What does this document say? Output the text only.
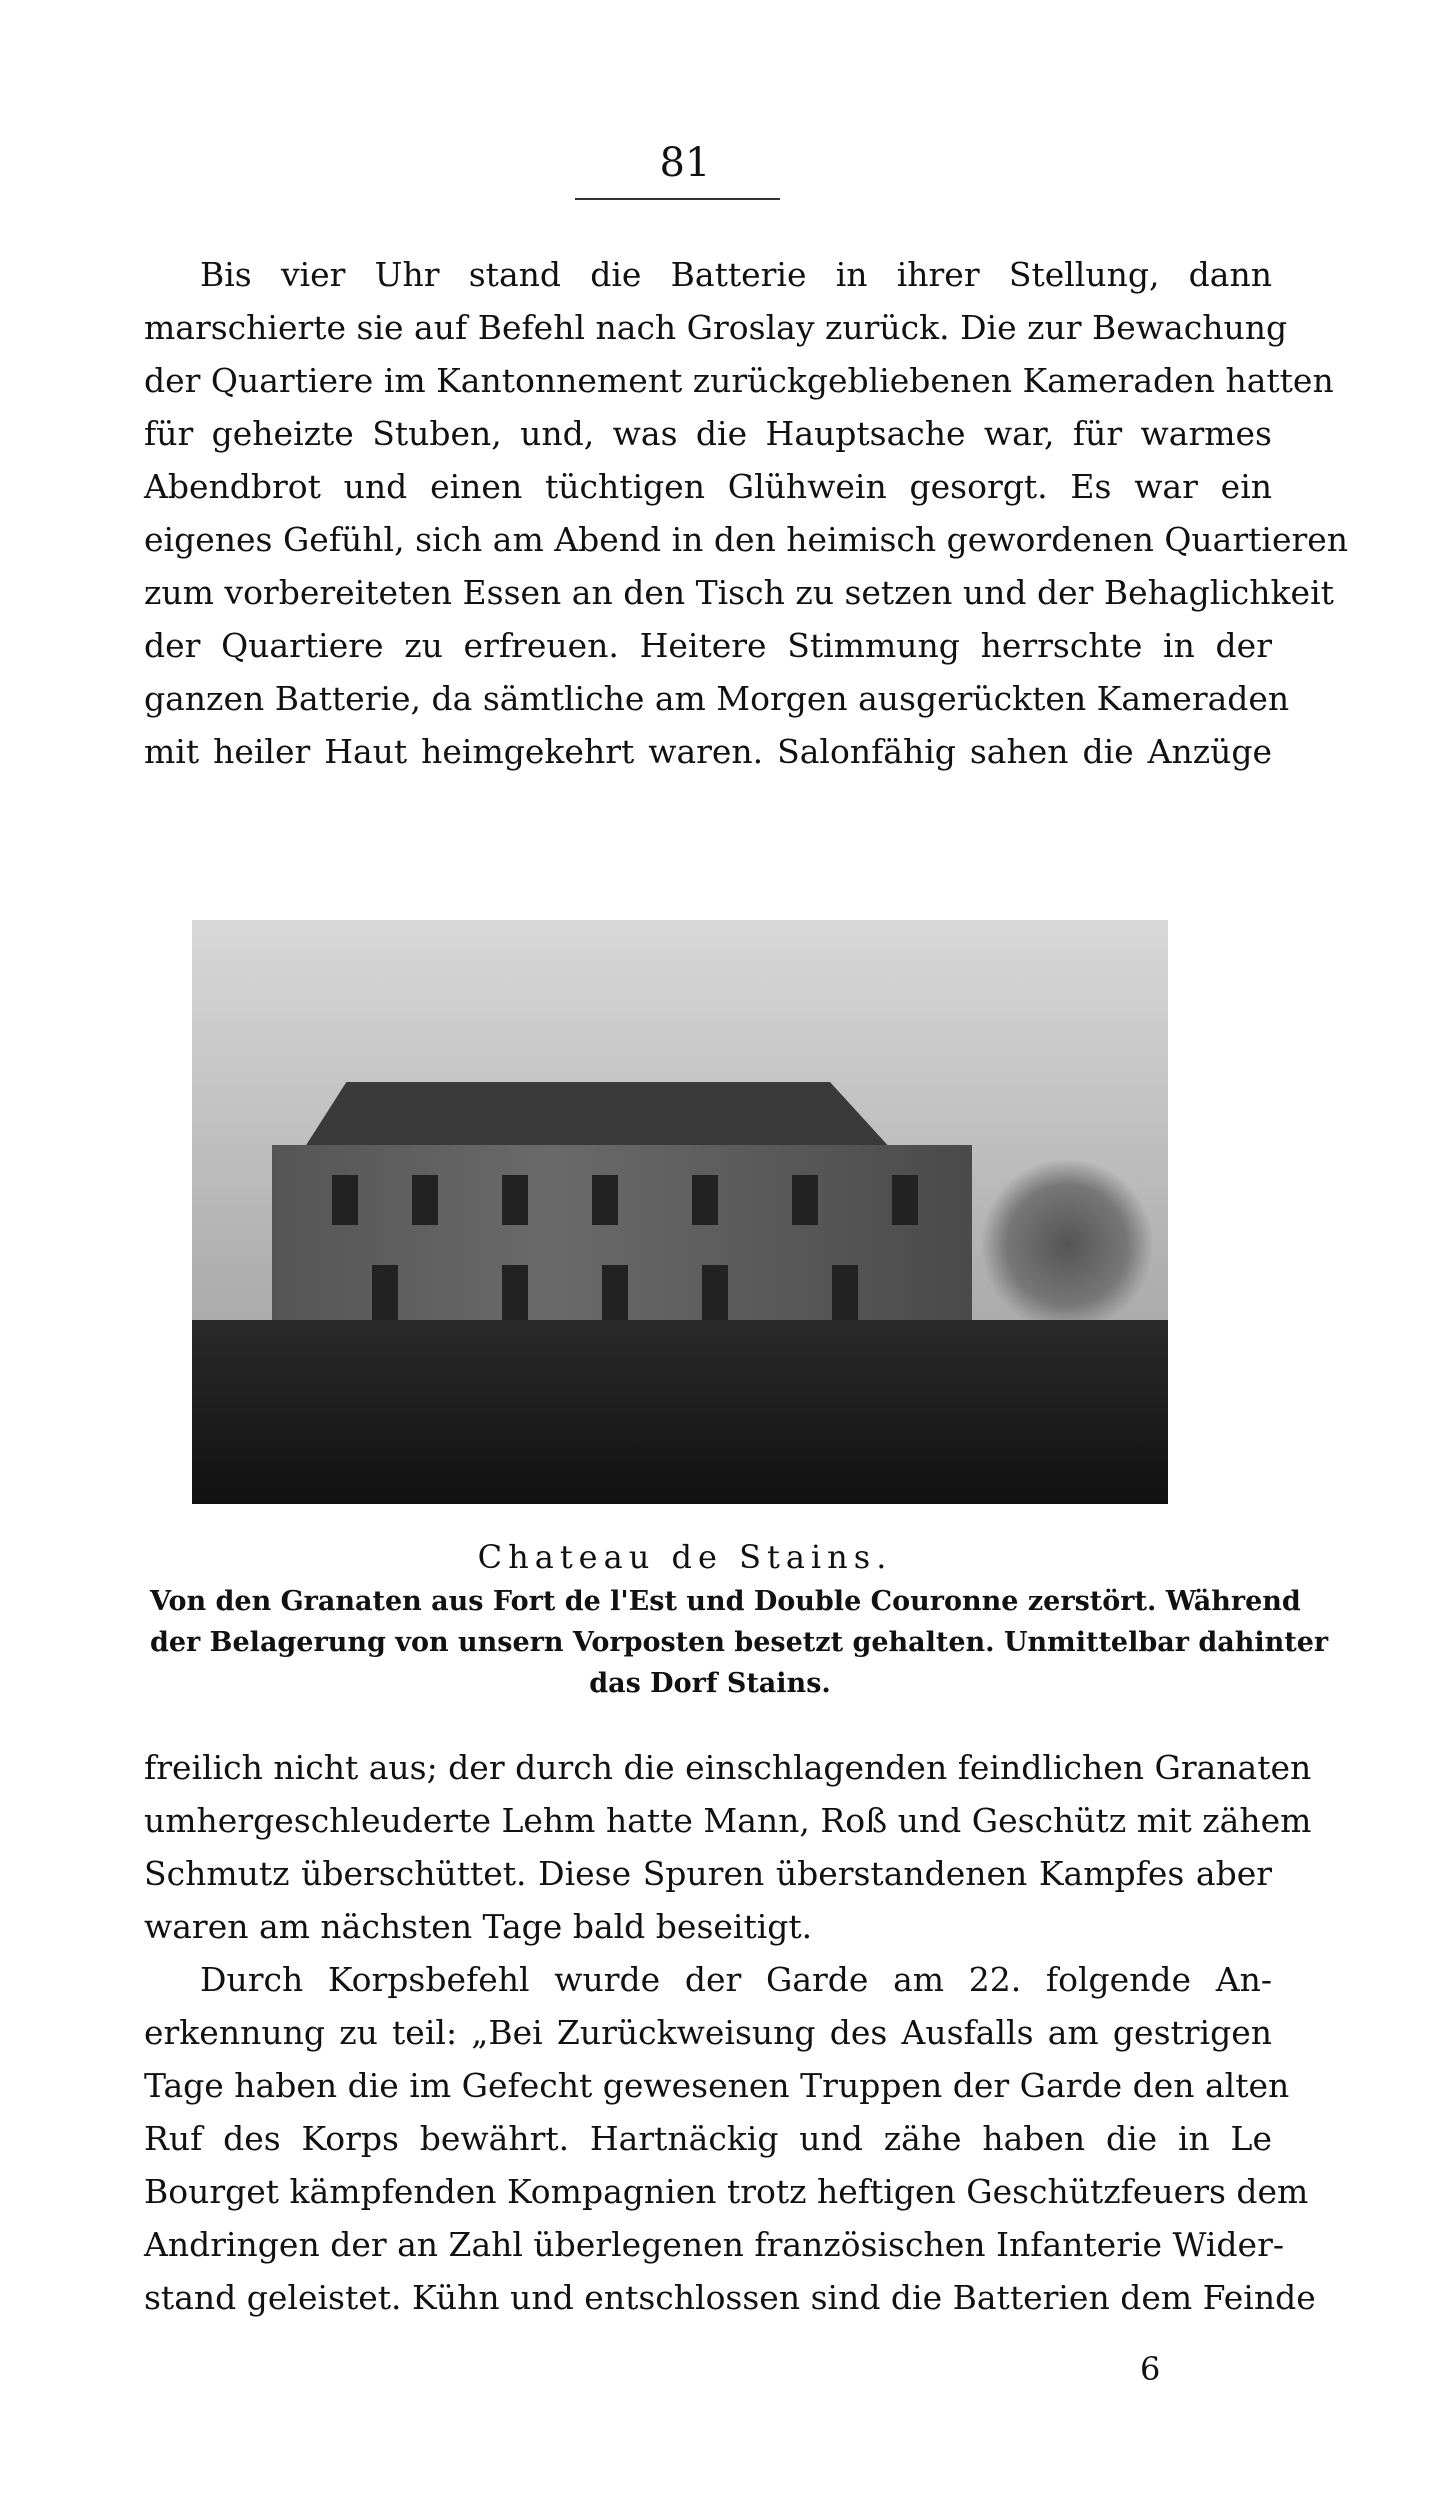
81
Bis vier Uhr stand die Batterie in ihrer Stellung, dann
marschierte sie auf Befehl nach Groslay zurück. Die zur Bewachung
der Quartiere im Kantonnement zurückgebliebenen Kameraden hatten
für geheizte Stuben, und, was die Hauptsache war, für warmes
Abendbrot und einen tüchtigen Glühwein gesorgt. Es war ein
eigenes Gefühl, sich am Abend in den heimisch gewordenen Quartieren
zum vorbereiteten Essen an den Tisch zu setzen und der Behaglichkeit
der Quartiere zu erfreuen. Heitere Stimmung herrschte in der
ganzen Batterie, da sämtliche am Morgen ausgerückten Kameraden
mit heiler Haut heimgekehrt waren. Salonfähig sahen die Anzüge
Chateau de Stains.
Von den Granaten aus Fort de l'Est und Double Couronne zerstört. Während
der Belagerung von unsern Vorposten besetzt gehalten. Unmittelbar dahinter
das Dorf Stains.
freilich nicht aus; der durch die einschlagenden feindlichen Granaten
umhergeschleuderte Lehm hatte Mann, Roß und Geschütz mit zähem
Schmutz überschüttet. Diese Spuren überstandenen Kampfes aber
waren am nächsten Tage bald beseitigt.
Durch Korpsbefehl wurde der Garde am 22. folgende An-
erkennung zu teil: „Bei Zurückweisung des Ausfalls am gestrigen
Tage haben die im Gefecht gewesenen Truppen der Garde den alten
Ruf des Korps bewährt. Hartnäckig und zähe haben die in Le
Bourget kämpfenden Kompagnien trotz heftigen Geschützfeuers dem
Andringen der an Zahl überlegenen französischen Infanterie Wider-
stand geleistet. Kühn und entschlossen sind die Batterien dem Feinde
6
